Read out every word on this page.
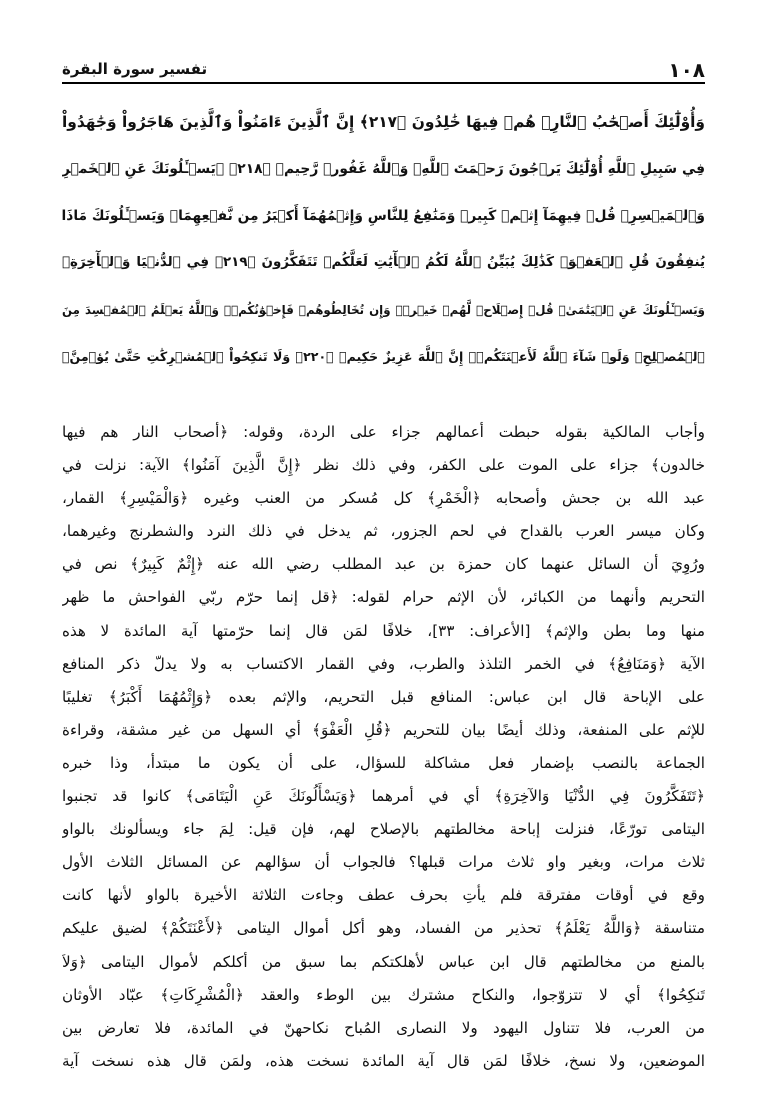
١٠٨
تفسير سورة البقرة
وَأُوْلَٰٓئِكَ أَصۡحَٰبُ ٱلنَّارِۖ هُمۡ فِيهَا خَٰلِدُونَ ﴿٢١٧﴾ إِنَّ ٱلَّذِينَ ءَامَنُواْ وَٱلَّذِينَ هَاجَرُواْ وَجَٰهَدُواْ
فِي سَبِيلِ ٱللَّهِ أُوْلَٰٓئِكَ يَرۡجُونَ رَحۡمَتَ ٱللَّهِۚ وَٱللَّهُ غَفُورٞ رَّحِيمٞ ﴿٢١٨﴾ ۞يَسۡـَٔلُونَكَ عَنِ ٱلۡخَمۡرِ
وَٱلۡمَيۡسِرِۖ قُلۡ فِيهِمَآ إِثۡمٞ كَبِيرٞ وَمَنَٰفِعُ لِلنَّاسِ وَإِثۡمُهُمَآ أَكۡبَرُ مِن نَّفۡعِهِمَاۗ وَيَسۡـَٔلُونَكَ مَاذَا
يُنفِقُونَ قُلِ ٱلۡعَفۡوَۗ كَذَٰلِكَ يُبَيِّنُ ٱللَّهُ لَكُمُ ٱلۡأٓيَٰتِ لَعَلَّكُمۡ تَتَفَكَّرُونَ ﴿٢١٩﴾ فِي ٱلدُّنۡيَا وَٱلۡأٓخِرَةِۗ
وَيَسۡـَٔلُونَكَ عَنِ ٱلۡيَتَٰمَىٰۖ قُلۡ إِصۡلَاحٞ لَّهُمۡ خَيۡرٞۖ وَإِن تُخَالِطُوهُمۡ فَإِخۡوَٰنُكُمۡۚ وَٱللَّهُ يَعۡلَمُ ٱلۡمُفۡسِدَ مِنَ
ٱلۡمُصۡلِحِۚ وَلَوۡ شَآءَ ٱللَّهُ لَأَعۡنَتَكُمۡۚ إِنَّ ٱللَّهَ عَزِيزٌ حَكِيمٞ ﴿٢٢٠﴾ وَلَا تَنكِحُواْ ٱلۡمُشۡرِكَٰتِ حَتَّىٰ يُؤۡمِنَّۚ
وأجاب المالكية بقوله حبطت أعمالهم جزاء على الردة، وقوله: ﴿أصحاب النار هم فيها
خالدون﴾ جزاء على الموت على الكفر، وفي ذلك نظر ﴿إِنَّ الَّذِينَ آمَنُوا﴾ الآية: نزلت في
عبد الله بن جحش وأصحابه ﴿الْخَمْرِ﴾ كل مُسكر من العنب وغيره ﴿وَالْمَيْسِرِ﴾ القمار،
وكان ميسر العرب بالقداح في لحم الجزور، ثم يدخل في ذلك النرد والشطرنج وغيرهما،
ورُوِيَ أن السائل عنهما كان حمزة بن عبد المطلب رضي الله عنه ﴿إِثْمٌ كَبِيرٌ﴾ نص في
التحريم وأنهما من الكبائر، لأن الإثم حرام لقوله: ﴿قل إنما حرّم ربّي الفواحش ما ظهر
منها وما بطن والإثم﴾ [الأعراف: ٣٣]، خلافًا لمَن قال إنما حرّمتها آية المائدة لا هذه
الآية ﴿وَمَنَافِعُ﴾ في الخمر التلذذ والطرب، وفي القمار الاكتساب به ولا يدلّ ذكر المنافع
على الإباحة قال ابن عباس: المنافع قبل التحريم، والإثم بعده ﴿وَإِثْمُهُمَا أَكْبَرُ﴾ تغليبًا
للإثم على المنفعة، وذلك أيضًا بيان للتحريم ﴿قُلِ الْعَفْوَ﴾ أي السهل من غير مشقة، وقراءة
الجماعة بالنصب بإضمار فعل مشاكلة للسؤال، على أن يكون ما مبتدأ، وذا خبره
﴿تَتَفَكَّرُونَ فِي الدُّنْيَا وَالآخِرَةِ﴾ أي في أمرهما ﴿وَيَسْأَلُونَكَ عَنِ الْيَتَامَى﴾ كانوا قد تجنبوا
اليتامى تورّعًا، فنزلت إباحة مخالطتهم بالإصلاح لهم، فإن قيل: لِمَ جاء ويسألونك بالواو
ثلاث مرات، وبغير واو ثلاث مرات قبلها؟ فالجواب أن سؤالهم عن المسائل الثلاث الأول
وقع في أوقات مفترقة فلم يأتِ بحرف عطف وجاءت الثلاثة الأخيرة بالواو لأنها كانت
متناسقة ﴿وَاللَّهُ يَعْلَمُ﴾ تحذير من الفساد، وهو أكل أموال اليتامى ﴿لأَعْنَتَكُمْ﴾ لضيق عليكم
بالمنع من مخالطتهم قال ابن عباس لأهلكتكم بما سبق من أكلكم لأموال اليتامى ﴿وَلاَ
تَنكِحُوا﴾ أي لا تتزوّجوا، والنكاح مشترك بين الوطء والعقد ﴿الْمُشْرِكَاتِ﴾ عبّاد الأوثان
من العرب، فلا تتناول اليهود ولا النصارى المُباح نكاحهنّ في المائدة، فلا تعارض بين
الموضعين، ولا نسخ، خلافًا لمَن قال آية المائدة نسخت هذه، ولمَن قال هذه نسخت آية
